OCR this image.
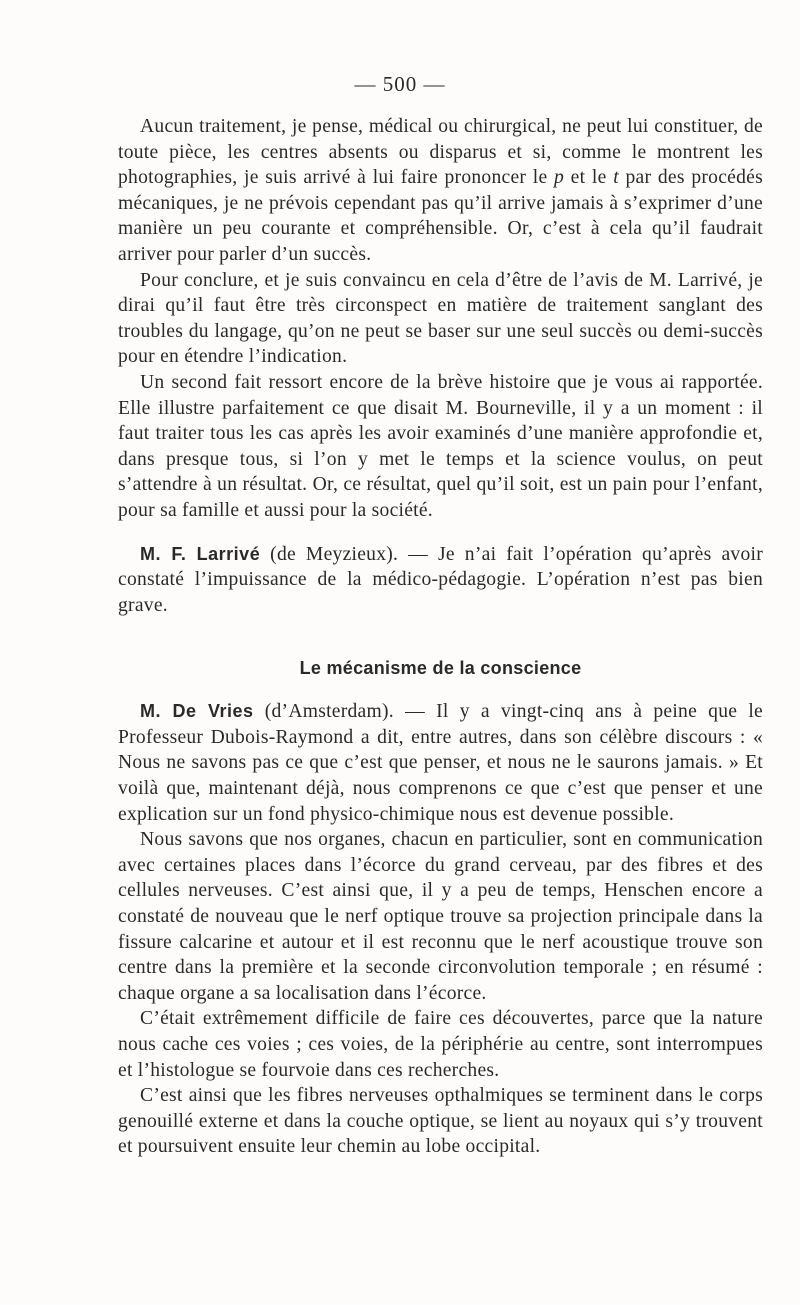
— 500 —

Aucun traitement, je pense, médical ou chirurgical, ne peut lui constituer, de toute pièce, les centres absents ou disparus et si, comme le montrent les photographies, je suis arrivé à lui faire prononcer le p et le t par des procédés mécaniques, je ne prévois cependant pas qu’il arrive jamais à s’exprimer d’une manière un peu courante et compréhensible. Or, c’est à cela qu’il faudrait arriver pour parler d’un succès.

Pour conclure, et je suis convaincu en cela d’être de l’avis de M. Larrivé, je dirai qu’il faut être très circonspect en matière de traitement sanglant des troubles du langage, qu’on ne peut se baser sur une seul succès ou demi-succès pour en étendre l’indication.

Un second fait ressort encore de la brève histoire que je vous ai rapportée. Elle illustre parfaitement ce que disait M. Bourneville, il y a un moment : il faut traiter tous les cas après les avoir examinés d’une manière approfondie et, dans presque tous, si l’on y met le temps et la science voulus, on peut s’attendre à un résultat. Or, ce résultat, quel qu’il soit, est un pain pour l’enfant, pour sa famille et aussi pour la société.

M. F. Larrivé (de Meyzieux). — Je n’ai fait l’opération qu’après avoir constaté l’impuissance de la médico-pédagogie. L’opération n’est pas bien grave.

Le mécanisme de la conscience

M. De Vries (d’Amsterdam). — Il y a vingt-cinq ans à peine que le Professeur Dubois-Raymond a dit, entre autres, dans son célèbre discours : « Nous ne savons pas ce que c’est que penser, et nous ne le saurons jamais. » Et voilà que, maintenant déjà, nous comprenons ce que c’est que penser et une explication sur un fond physico-chimique nous est devenue possible.

Nous savons que nos organes, chacun en particulier, sont en communication avec certaines places dans l’écorce du grand cerveau, par des fibres et des cellules nerveuses. C’est ainsi que, il y a peu de temps, Henschen encore a constaté de nouveau que le nerf optique trouve sa projection principale dans la fissure calcarine et autour et il est reconnu que le nerf acoustique trouve son centre dans la première et la seconde circonvolution temporale ; en résumé : chaque organe a sa localisation dans l’écorce.

C’était extrêmement difficile de faire ces découvertes, parce que la nature nous cache ces voies ; ces voies, de la périphérie au centre, sont interrompues et l’histologue se fourvoie dans ces recherches.

C’est ainsi que les fibres nerveuses opthalmiques se terminent dans le corps genouillé externe et dans la couche optique, se lient au noyaux qui s’y trouvent et poursuivent ensuite leur chemin au lobe occipital.
